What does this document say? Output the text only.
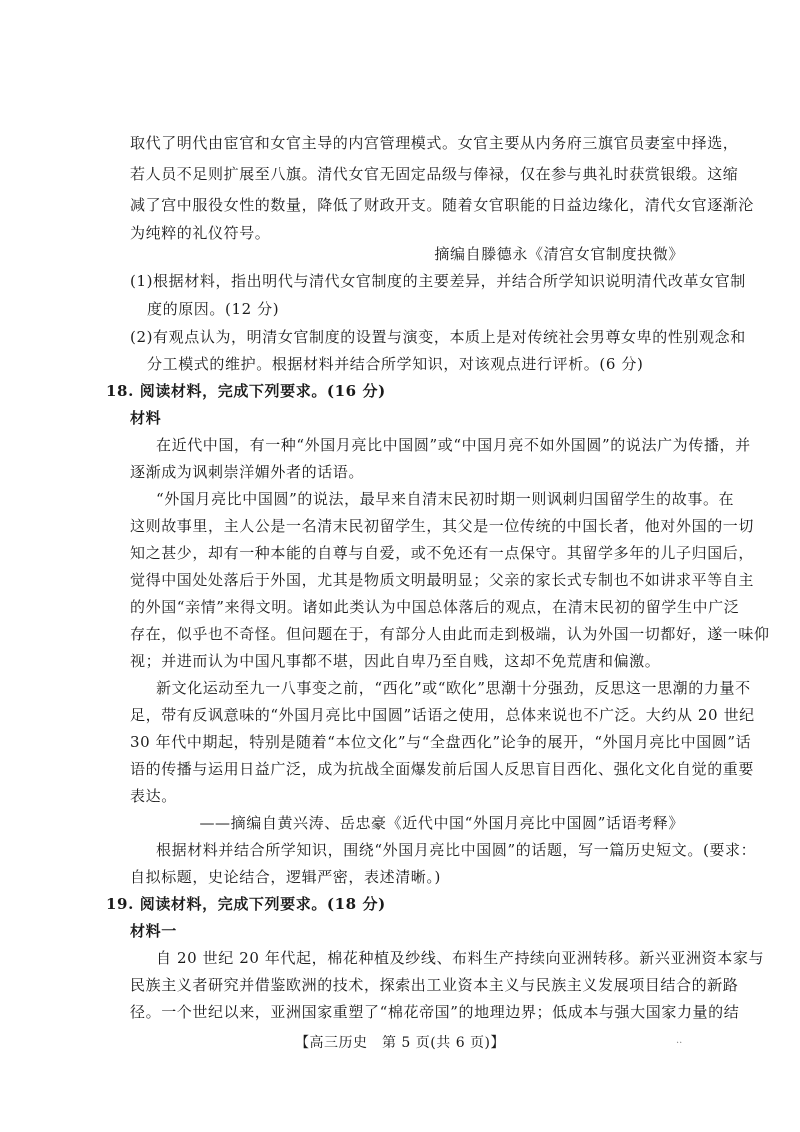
取代了明代由宦官和女官主导的内宫管理模式。女官主要从内务府三旗官员妻室中择选，
若人员不足则扩展至八旗。清代女官无固定品级与俸禄，仅在参与典礼时获赏银缎。这缩
减了宫中服役女性的数量，降低了财政开支。随着女官职能的日益边缘化，清代女官逐渐沦
为纯粹的礼仪符号。
摘编自滕德永《清宫女官制度抉微》
(1)根据材料，指出明代与清代女官制度的主要差异，并结合所学知识说明清代改革女官制
度的原因。(12 分)
(2)有观点认为，明清女官制度的设置与演变，本质上是对传统社会男尊女卑的性别观念和
分工模式的维护。根据材料并结合所学知识，对该观点进行评析。(6 分)
18. 阅读材料，完成下列要求。(16 分)
材料
在近代中国，有一种“外国月亮比中国圆”或“中国月亮不如外国圆”的说法广为传播，并
逐渐成为讽刺崇洋媚外者的话语。
“外国月亮比中国圆”的说法，最早来自清末民初时期一则讽刺归国留学生的故事。在
这则故事里，主人公是一名清末民初留学生，其父是一位传统的中国长者，他对外国的一切
知之甚少，却有一种本能的自尊与自爱，或不免还有一点保守。其留学多年的儿子归国后，
觉得中国处处落后于外国，尤其是物质文明最明显；父亲的家长式专制也不如讲求平等自主
的外国“亲情”来得文明。诸如此类认为中国总体落后的观点，在清末民初的留学生中广泛
存在，似乎也不奇怪。但问题在于，有部分人由此而走到极端，认为外国一切都好，遂一味仰
视；并进而认为中国凡事都不堪，因此自卑乃至自贱，这却不免荒唐和偏激。
新文化运动至九一八事变之前，“西化”或“欧化”思潮十分强劲，反思这一思潮的力量不
足，带有反讽意味的“外国月亮比中国圆”话语之使用，总体来说也不广泛。大约从 20 世纪
30 年代中期起，特别是随着“本位文化”与“全盘西化”论争的展开，“外国月亮比中国圆”话
语的传播与运用日益广泛，成为抗战全面爆发前后国人反思盲目西化、强化文化自觉的重要
表达。
——摘编自黄兴涛、岳忠豪《近代中国“外国月亮比中国圆”话语考释》
根据材料并结合所学知识，围绕“外国月亮比中国圆”的话题，写一篇历史短文。(要求：
自拟标题，史论结合，逻辑严密，表述清晰。)
【高三历史　第 5 页(共 6 页)】	··
19. 阅读材料，完成下列要求。(18 分)
材料一
自 20 世纪 20 年代起，棉花种植及纱线、布料生产持续向亚洲转移。新兴亚洲资本家与
民族主义者研究并借鉴欧洲的技术，探索出工业资本主义与民族主义发展项目结合的新路
径。一个世纪以来，亚洲国家重塑了“棉花帝国”的地理边界；低成本与强大国家力量的结
